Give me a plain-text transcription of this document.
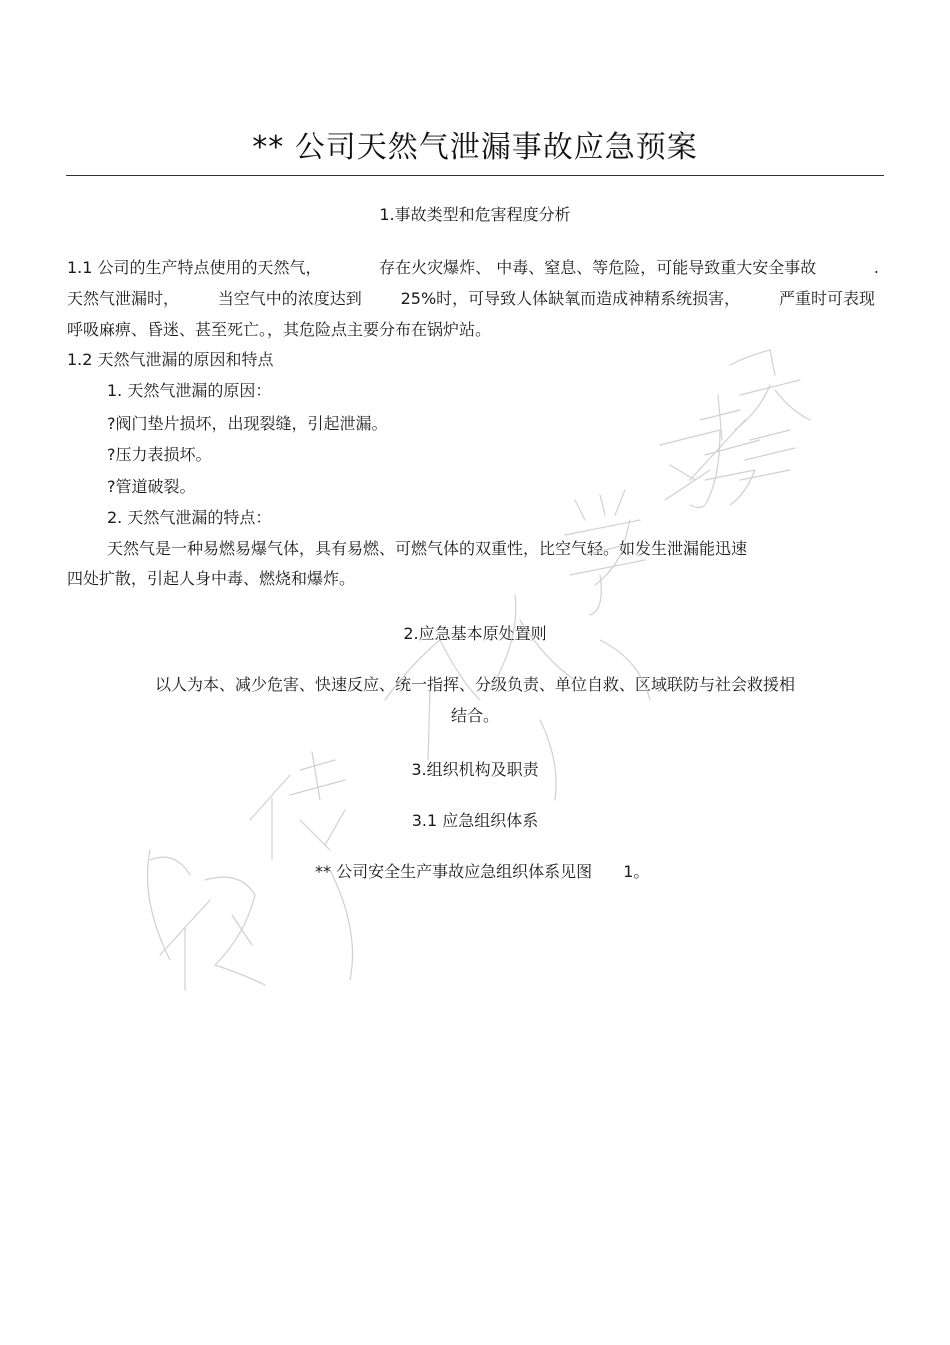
** 公司天然气泄漏事故应急预案
1.事故类型和危害程度分析
1.1 公司的生产特点使用的天然气，	存在火灾爆炸、 中毒、窒息、等危险，可能导致重大安全事故	.
天然气泄漏时， 当空气中的浓度达到 25%时，可导致人体缺氧而造成神精系统损害， 严重时可表现
呼吸麻痹、昏迷、甚至死亡。，其危险点主要分布在锅炉站。
1.2 天然气泄漏的原因和特点
1. 天然气泄漏的原因：
?阀门垫片损坏，出现裂缝，引起泄漏。
?压力表损坏。
?管道破裂。
2. 天然气泄漏的特点：
天然气是一种易燃易爆气体，具有易燃、可燃气体的双重性，比空气轻。如发生泄漏能迅速
四处扩散，引起人身中毒、燃烧和爆炸。
2.应急基本原处置则
以人为本、减少危害、快速反应、统一指挥、分级负责、单位自救、区域联防与社会救援相
结合。
3.组织机构及职责
3.1 应急组织体系
** 公司安全生产事故应急组织体系见图 1。
